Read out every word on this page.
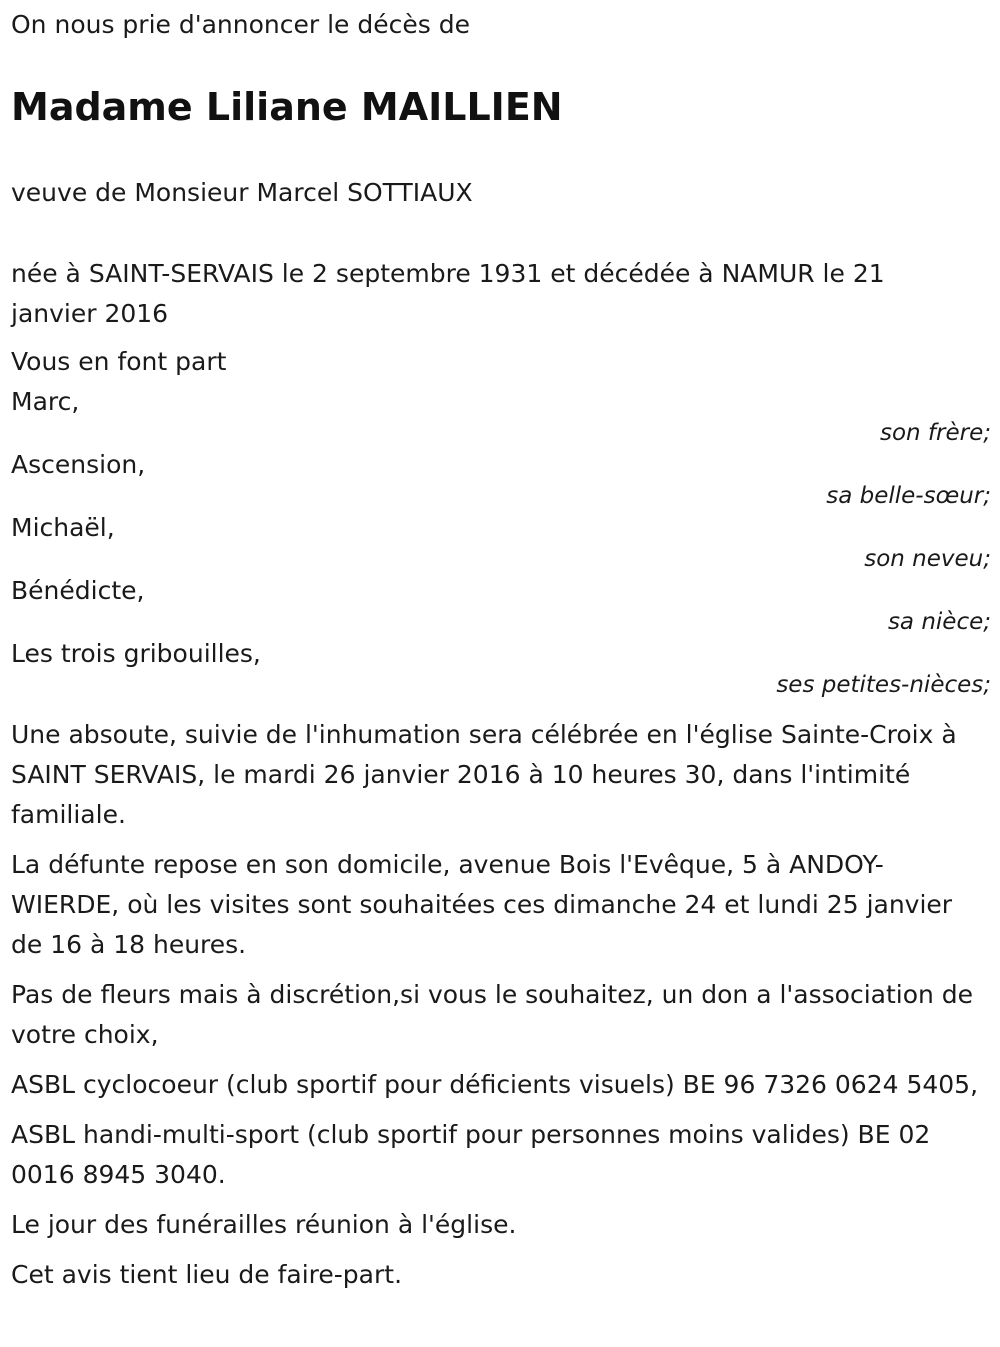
On nous prie d'annoncer le décès de

Madame Liliane MAILLIEN

veuve de Monsieur Marcel SOTTIAUX

née à SAINT-SERVAIS le 2 septembre 1931 et décédée à NAMUR le 21 janvier 2016

Vous en font part

Marc,
son frère;
Ascension,
sa belle-sœur;
Michaël,
son neveu;
Bénédicte,
sa nièce;
Les trois gribouilles,
ses petites-nièces;

Une absoute, suivie de l'inhumation sera célébrée en l'église Sainte-Croix à SAINT SERVAIS, le mardi 26 janvier 2016 à 10 heures 30, dans l'intimité familiale.

La défunte repose en son domicile, avenue Bois l'Evêque, 5 à ANDOY-WIERDE, où les visites sont souhaitées ces dimanche 24 et lundi 25 janvier de 16 à 18 heures.

Pas de fleurs mais à discrétion,si vous le souhaitez, un don a l'association de votre choix,

ASBL cyclocoeur (club sportif pour déficients visuels) BE 96 7326 0624 5405,

ASBL handi-multi-sport (club sportif pour personnes moins valides) BE 02 0016 8945 3040.

Le jour des funérailles réunion à l'église.

Cet avis tient lieu de faire-part.
